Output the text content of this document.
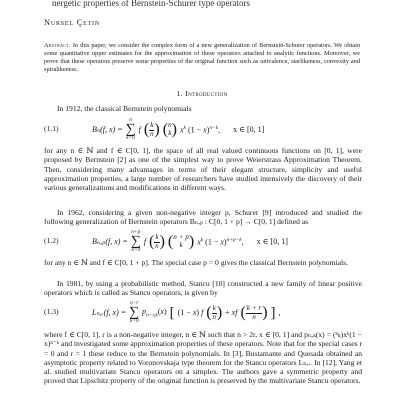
nergetic properties of Bernstein-Schurer type operators
Nursel Çetin
Abstract. In this paper, we consider the complex form of a new generalization of Bernstein-Schurer operators. We obtain some quantitative upper estimates for the approximation of these operators attached to analytic functions. Moreover, we prove that these operators preserve some properties of the original function such as univalence, starlikeness, convexity and spiralikeness.
1. Introduction
In 1912, the classical Bernstein polynomials
(1.1)	Bₙ(f, x) =
n
∑
k=0
f ( $\frac{k}{n}$ ) ( n
k ) $x^k$ $(1 - x)^{n-k}$, x ∈ [0, 1]
for any n ∈ ℕ and f ∈ C[0, 1], the space of all real valued continuous functions on [0, 1], were proposed by Bernstein [2] as one of the simplest way to prove Weierstrass Approximation Theorem. Then, considering many advantages in terms of their elegant structure, simplicity and useful approximation properties, a large number of researchers have studied intensively the discovery of their various generalizations and modifications in different ways.
In 1962, considering a given non-negative integer p, Schurer [9] introduced and studied the following generalization of Bernstein operators Bₙ,ₚ : C[0, 1 + p] → C[0, 1] defined as
(1.2)	Bₙ,ₚ(f, x) =
n+p
∑
k=0
f ( $\frac{k}{n}$ ) ( n + p
k ) $x^k$ $(1 - x)^{n+p-k}$, x ∈ [0, 1]
for any n ∈ ℕ and f ∈ C[0, 1 + p]. The special case p = 0 gives the classical Bernstein polynomials.
In 1981, by using a probabilistic method, Stancu [10] constructed a new family of linear positive operators which is called as Stancu operators, is given by
(1.3)	Lₙ,ᵣ(f, x) =
n−r
∑
k=0
$p_{n-r,k}(x)$ [ (1 − x) f ( $\frac{k}{n}$ ) + xf ( $\frac{k + r}{n}$ ) ] ,
where f ∈ C[0, 1], r is a non-negative integer, n ∈ ℕ such that n > 2r, x ∈ [0, 1] and pₙ,ₖ(x) = (ⁿₖ)xᵏ(1 − x)ⁿ⁻ᵏ and investigated some approximation properties of these operators. Note that for the special cases r = 0 and r = 1 these reduce to the Bernstein polynomials. In [3], Bustamante and Quesada obtained an asymptotic property related to Voronovskaja type theorem for the Stancu operators Lₙ,ᵣ. In [12], Yang et al. studied multivariate Stancu operators on a simplex. The authors gave a symmetric property and proved that Lipschitz property of the original function is preserved by the multivariate Stancu operators.
